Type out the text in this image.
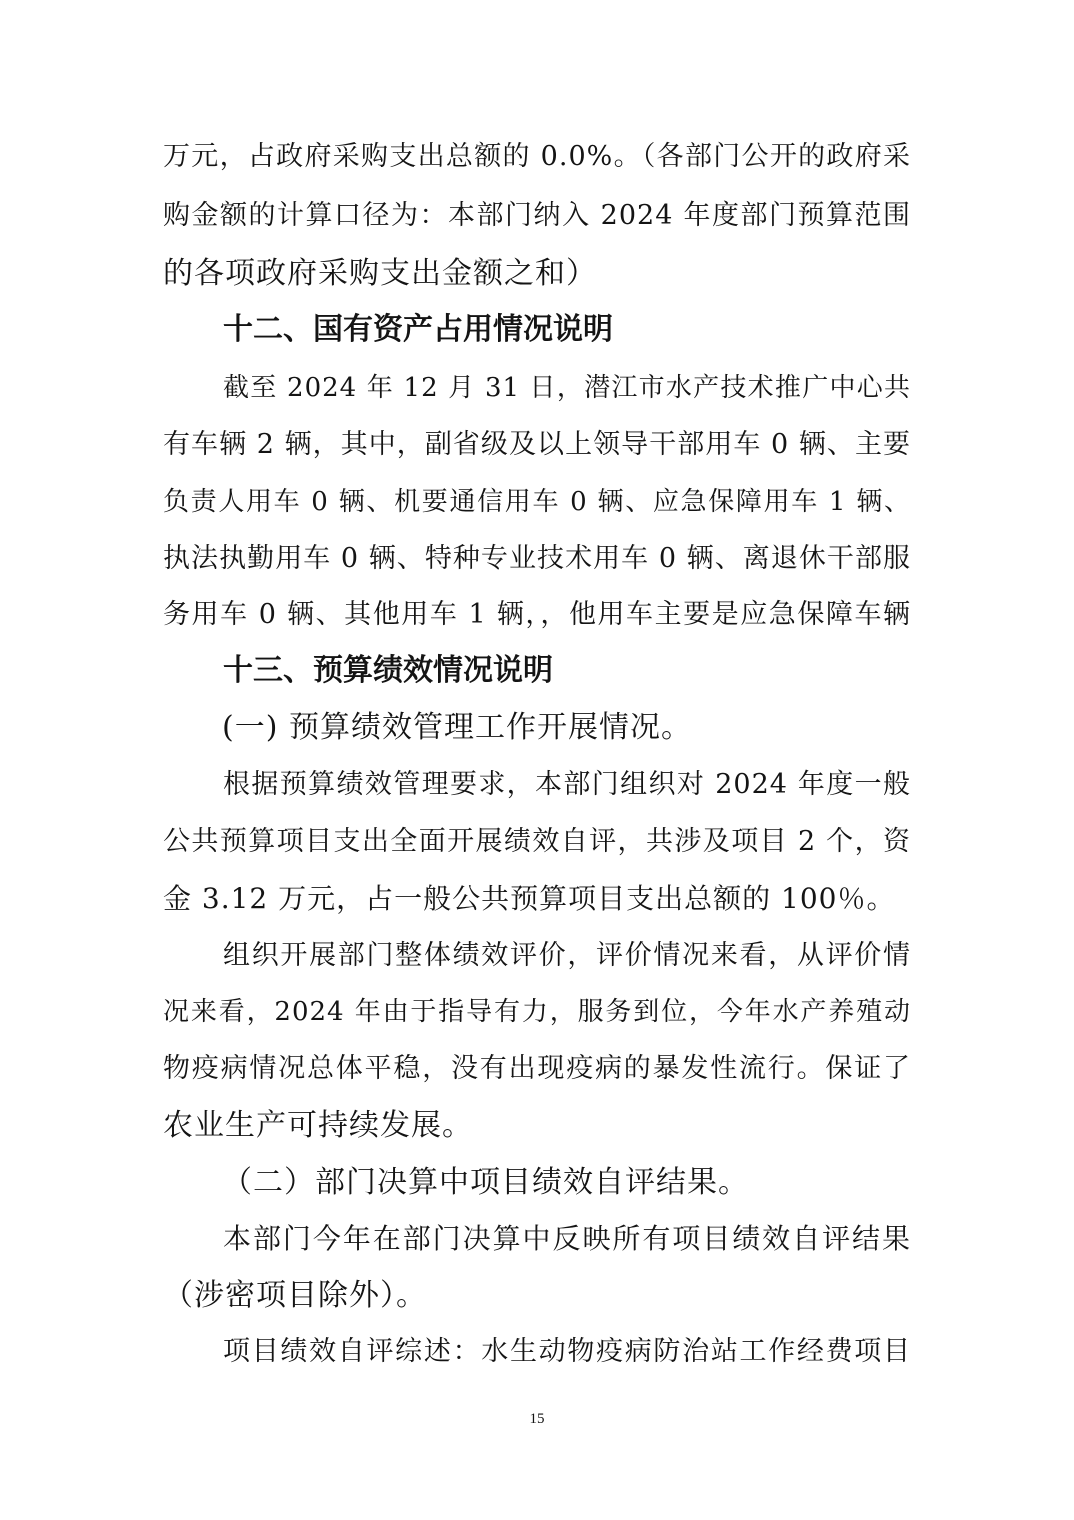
万元，占政府采购支出总额的 0.0%。（各部门公开的政府采
购金额的计算口径为：本部门纳入 2024 年度部门预算范围
的各项政府采购支出金额之和）
十二、国有资产占用情况说明
截至 2024 年 12 月 31 日，潜江市水产技术推广中心共
有车辆 2 辆，其中，副省级及以上领导干部用车 0 辆、主要
负责人用车 0 辆、机要通信用车 0 辆、应急保障用车 1 辆、
执法执勤用车 0 辆、特种专业技术用车 0 辆、离退休干部服
务用车 0 辆、其他用车 1 辆，，他用车主要是应急保障车辆
十三、预算绩效情况说明
(一) 预算绩效管理工作开展情况。
根据预算绩效管理要求，本部门组织对 2024 年度一般
公共预算项目支出全面开展绩效自评，共涉及项目 2 个，资
金 3.12 万元，占一般公共预算项目支出总额的 100％。
组织开展部门整体绩效评价，评价情况来看，从评价情
况来看，2024 年由于指导有力，服务到位，今年水产养殖动
物疫病情况总体平稳，没有出现疫病的暴发性流行。保证了
农业生产可持续发展。
（二）部门决算中项目绩效自评结果。
本部门今年在部门决算中反映所有项目绩效自评结果
（涉密项目除外）。
项目绩效自评综述：水生动物疫病防治站工作经费项目
15
